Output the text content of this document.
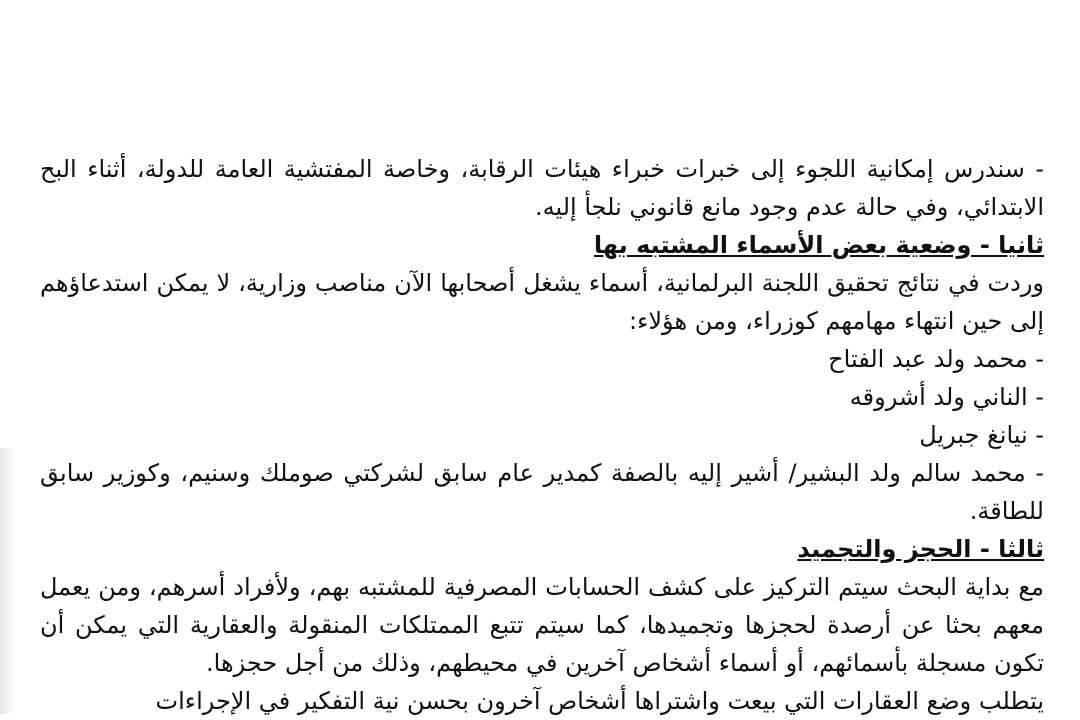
- سندرس إمكانية اللجوء إلى خبرات خبراء هيئات الرقابة، وخاصة المفتشية العامة للدولة، أثناء البح الابتدائي، وفي حالة عدم وجود مانع قانوني نلجأ إليه.

ثانيا - وضعية بعض الأسماء المشتبه بها

وردت في نتائج تحقيق اللجنة البرلمانية، أسماء يشغل أصحابها الآن مناصب وزارية، لا يمكن استدعاؤهم إلى حين انتهاء مهامهم كوزراء، ومن هؤلاء:

- محمد ولد عبد الفتاح

- الناني ولد أشروقه

- نيانغ جبريل

- محمد سالم ولد البشير/ أشير إليه بالصفة كمدير عام سابق لشركتي صوملك وسنيم، وكوزير سابق للطاقة.

ثالثا - الحجز والتجميد

مع بداية البحث سيتم التركيز على كشف الحسابات المصرفية للمشتبه بهم، ولأفراد أسرهم، ومن يعمل معهم بحثا عن أرصدة لحجزها وتجميدها، كما سيتم تتبع الممتلكات المنقولة والعقارية التي يمكن أن تكون مسجلة بأسمائهم، أو أسماء أشخاص آخرين في محيطهم، وذلك من أجل حجزها.

يتطلب وضع العقارات التي بيعت واشتراها أشخاص آخرون بحسن نية التفكير في الإجراءات
